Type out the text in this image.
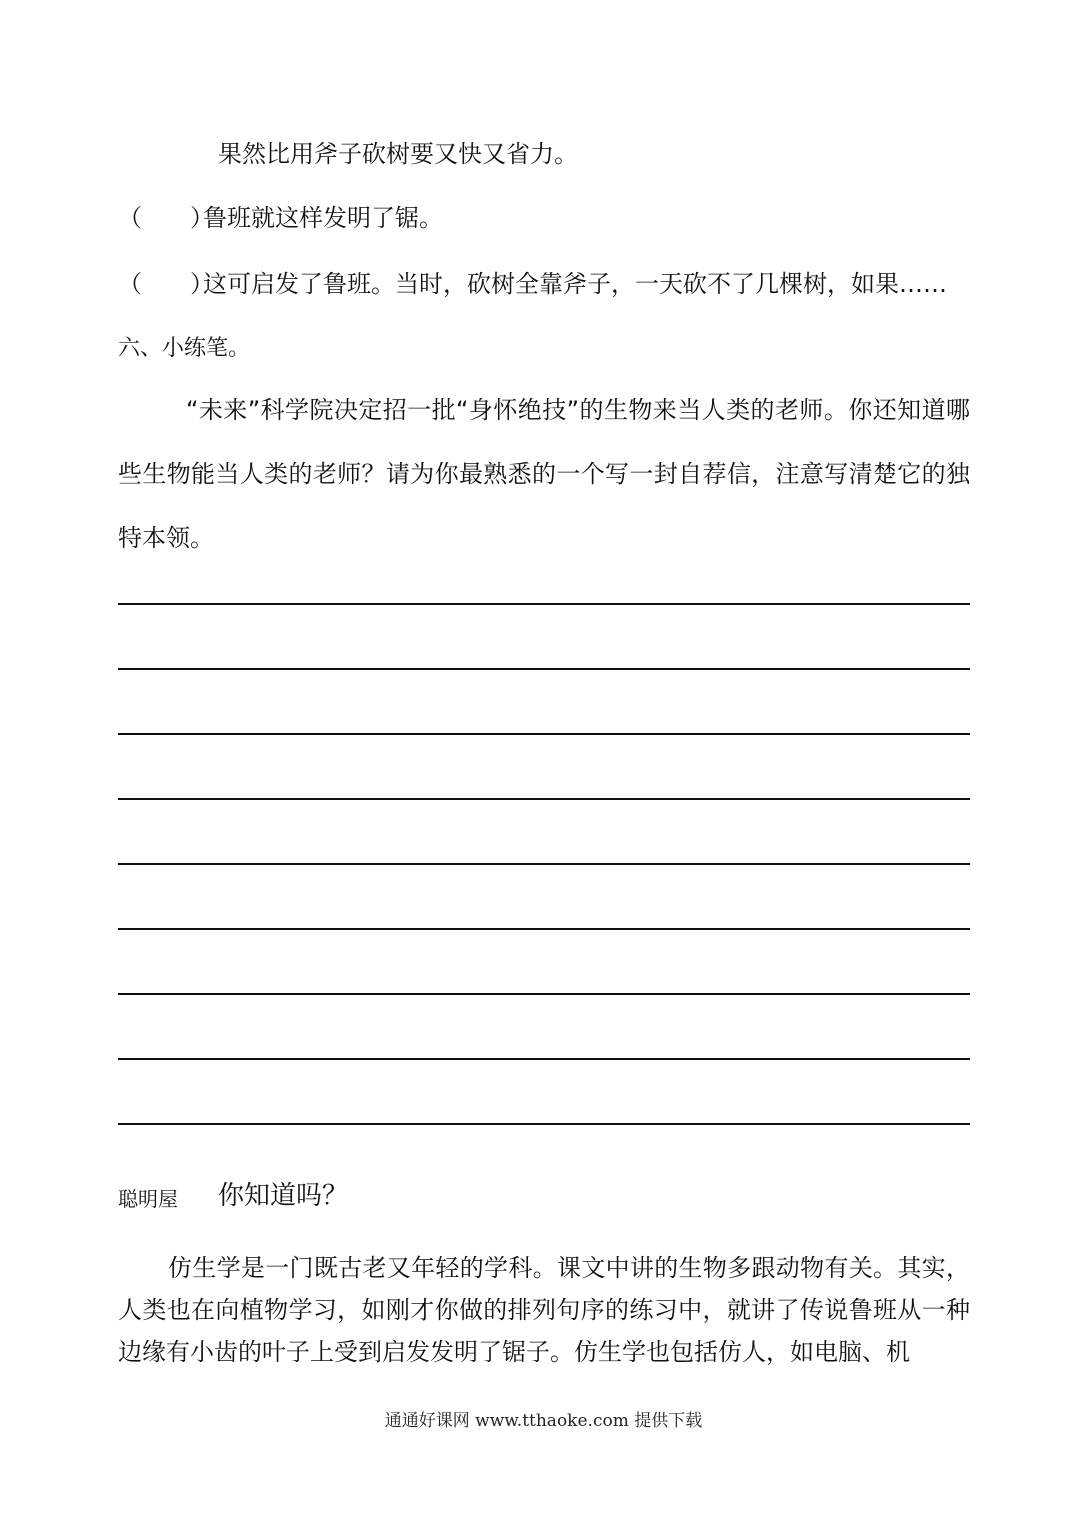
果然比用斧子砍树要又快又省力。
（　　）鲁班就这样发明了锯。
（　　）这可启发了鲁班。当时，砍树全靠斧子，一天砍不了几棵树，如果……
六、小练笔。
“未来”科学院决定招一批“身怀绝技”的生物来当人类的老师。你还知道哪些生物能当人类的老师？请为你最熟悉的一个写一封自荐信，注意写清楚它的独特本领。
聪明屋 你知道吗？
仿生学是一门既古老又年轻的学科。课文中讲的生物多跟动物有关。其实，人类也在向植物学习，如刚才你做的排列句序的练习中，就讲了传说鲁班从一种边缘有小齿的叶子上受到启发发明了锯子。仿生学也包括仿人，如电脑、机
通通好课网 www.tthaoke.com 提供下载
